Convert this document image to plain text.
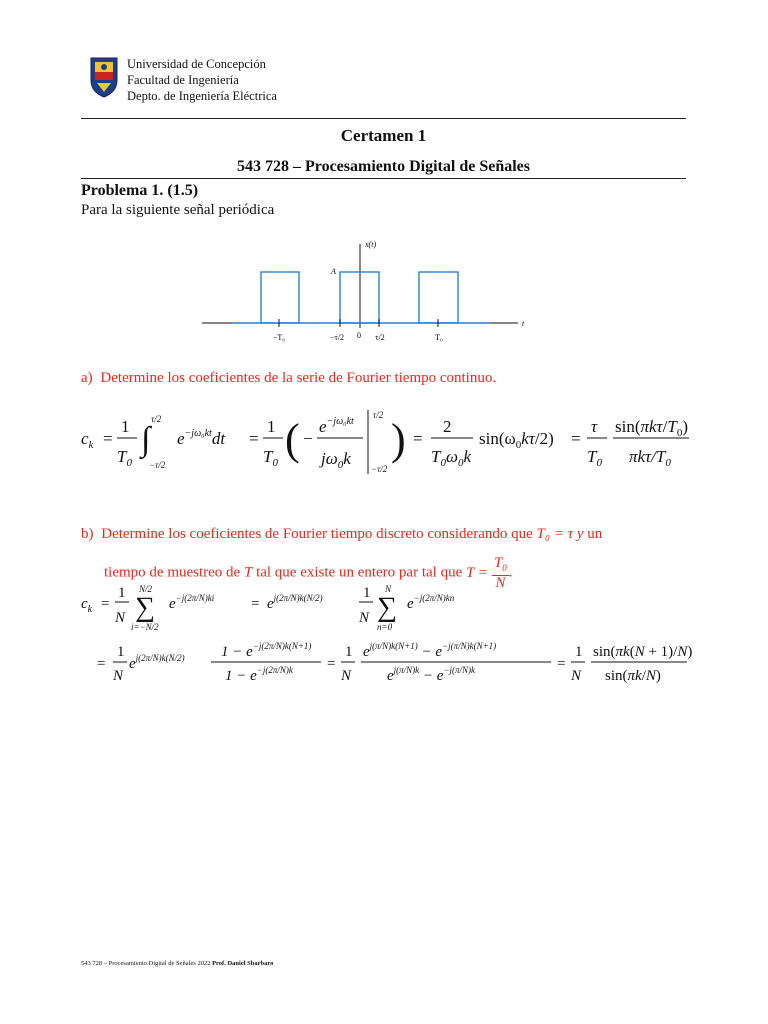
Universidad de Concepción
Facultad de Ingeniería
Depto. de Ingeniería Eléctrica
Certamen 1
543 728 – Procesamiento Digital de Señales
Problema 1. (1.5)
Para la siguiente señal periódica
x(t)
A
t
−T₀	−τ/2 0 τ/2	T₀
a) Determine los coeficientes de la serie de Fourier tiempo continuo.
$c_k$ =
1
$T_0$
∫
τ/2
−τ/2
$e^{-j\omega_0kt}dt$ =
1
$T_0$ ( −
$e^{-j\omega_0kt}$
$j\omega_0k$
τ/2
−τ/2
) =
2
$T_0\omega_0k$
$\sin(\omega_0k\tau/2)$ =
τ
$T_0$
$\sin(\pi k\tau/T_0)$
πkτ/$T_0$
b) Determine los coeficientes de Fourier tiempo discreto considerando que T₀ = τ y un
tiempo de muestreo de T tal que existe un entero par tal que $T = \frac{T_0}{N}$ .
$c_k$ =
1
N ∑
N/2
i=−N/2
$e^{-j(2\pi/N)ki} = e^{j(2\pi/N)k(N/2)}$	1
N ∑
N
n=0
$e^{-j(2\pi/N)kn}$
=
1
N
$e^{j(2\pi/N)k(N/2)}$ $1 - e^{-j(2\pi/N)k(N+1)}$
$1 - e^{-j(2\pi/N)k}$ =
1
N
$e^{j(\pi/N)k(N+1)} - e^{-j(\pi/N)k(N+1)}$
$e^{j(\pi/N)k} - e^{-j(\pi/N)k}$	=
1
N
sin(πk(N + 1)/N)
sin(πk/N)
543 728 – Procesamiento Digital de Señales 2022 Prof. Daniel Sbarbaro
